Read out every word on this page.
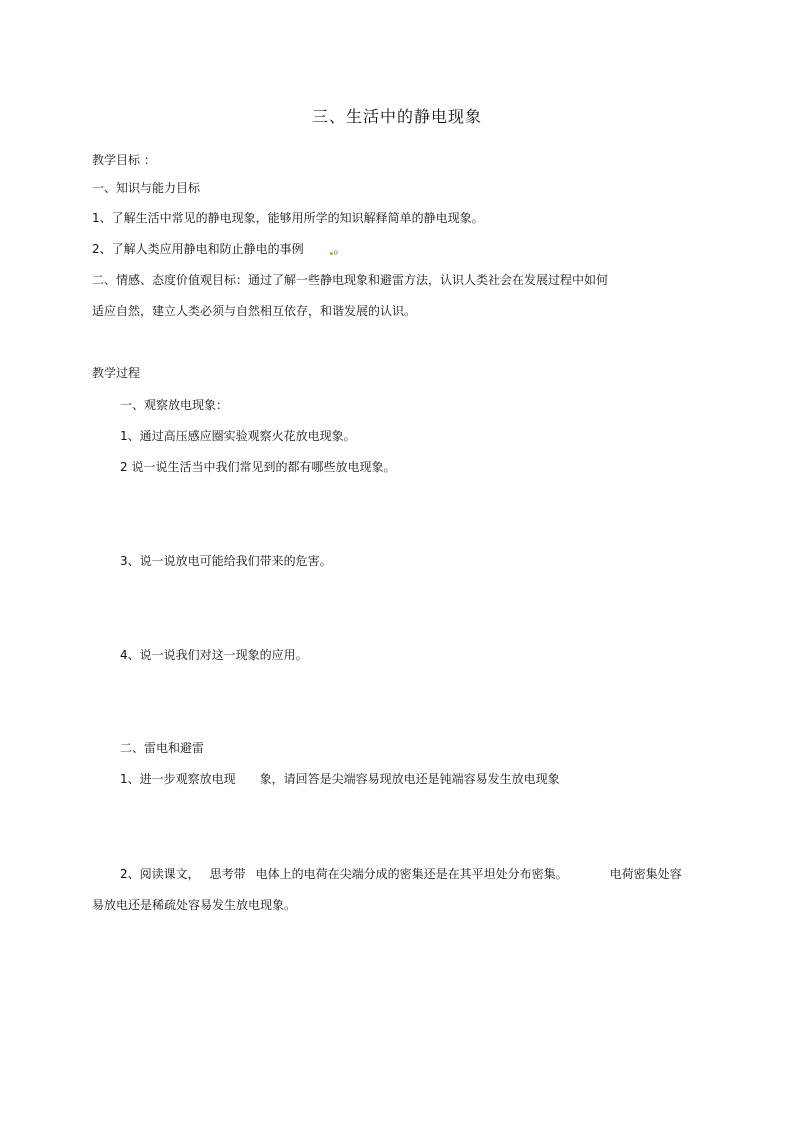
三、生活中的静电现象
教学目标 ：
一、知识与能力目标
1、了解生活中常见的静电现象，能够用所学的知识解释简单的静电现象。
2、了解人类应用静电和防止静电的事例	。
二、情感、态度价值观目标：通过了解一些静电现象和避雷方法，认识人类社会在发展过程中如何
适应自然，建立人类必须与自然相互依存，和谐发展的认识。
教学过程
一、观察放电现象：
1、通过高压感应圈实验观察火花放电现象。
2 说一说生活当中我们常见到的都有哪些放电现象。
3、说一说放电可能给我们带来的危害。
4、说一说我们对这一现象的应用。
二、雷电和避雷
1、进一步观察放电现 象，请回答是尖端容易现放电还是钝端容易发生放电现象
2、阅读课文， 思考带 电体上的电荷在尖端分成的密集还是在其平坦处分布密集。	电荷密集处容
易放电还是稀疏处容易发生放电现象。
